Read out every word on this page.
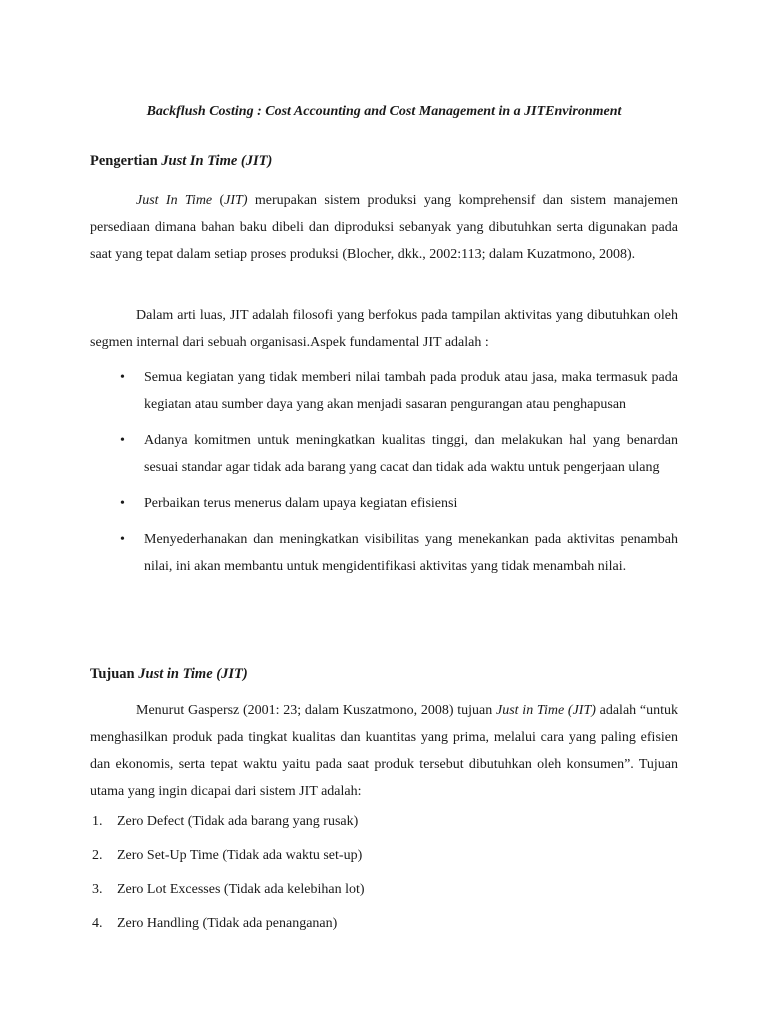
Backflush Costing : Cost Accounting and Cost Management in a JITEnvironment
Pengertian Just In Time (JIT)

Just In Time (JIT) merupakan sistem produksi yang komprehensif dan sistem manajemen persediaan dimana bahan baku dibeli dan diproduksi sebanyak yang dibutuhkan serta digunakan pada saat yang tepat dalam setiap proses produksi (Blocher, dkk., 2002:113; dalam Kuzatmono, 2008).

Dalam arti luas, JIT adalah filosofi yang berfokus pada tampilan aktivitas yang dibutuhkan oleh segmen internal dari sebuah organisasi.Aspek fundamental JIT adalah :

• Semua kegiatan yang tidak memberi nilai tambah pada produk atau jasa, maka termasuk pada kegiatan atau sumber daya yang akan menjadi sasaran pengurangan atau penghapusan
• Adanya komitmen untuk meningkatkan kualitas tinggi, dan melakukan hal yang benardan sesuai standar agar tidak ada barang yang cacat dan tidak ada waktu untuk pengerjaan ulang
• Perbaikan terus menerus dalam upaya kegiatan efisiensi
• Menyederhanakan dan meningkatkan visibilitas yang menekankan pada aktivitas penambah nilai, ini akan membantu untuk mengidentifikasi aktivitas yang tidak menambah nilai.
Tujuan Just in Time (JIT)

Menurut Gaspersz (2001: 23; dalam Kuszatmono, 2008) tujuan Just in Time (JIT) adalah “untuk menghasilkan produk pada tingkat kualitas dan kuantitas yang prima, melalui cara yang paling efisien dan ekonomis, serta tepat waktu yaitu pada saat produk tersebut dibutuhkan oleh konsumen”. Tujuan utama yang ingin dicapai dari sistem JIT adalah:

1. Zero Defect (Tidak ada barang yang rusak)
2. Zero Set-Up Time (Tidak ada waktu set-up)
3. Zero Lot Excesses (Tidak ada kelebihan lot)
4. Zero Handling (Tidak ada penanganan)
